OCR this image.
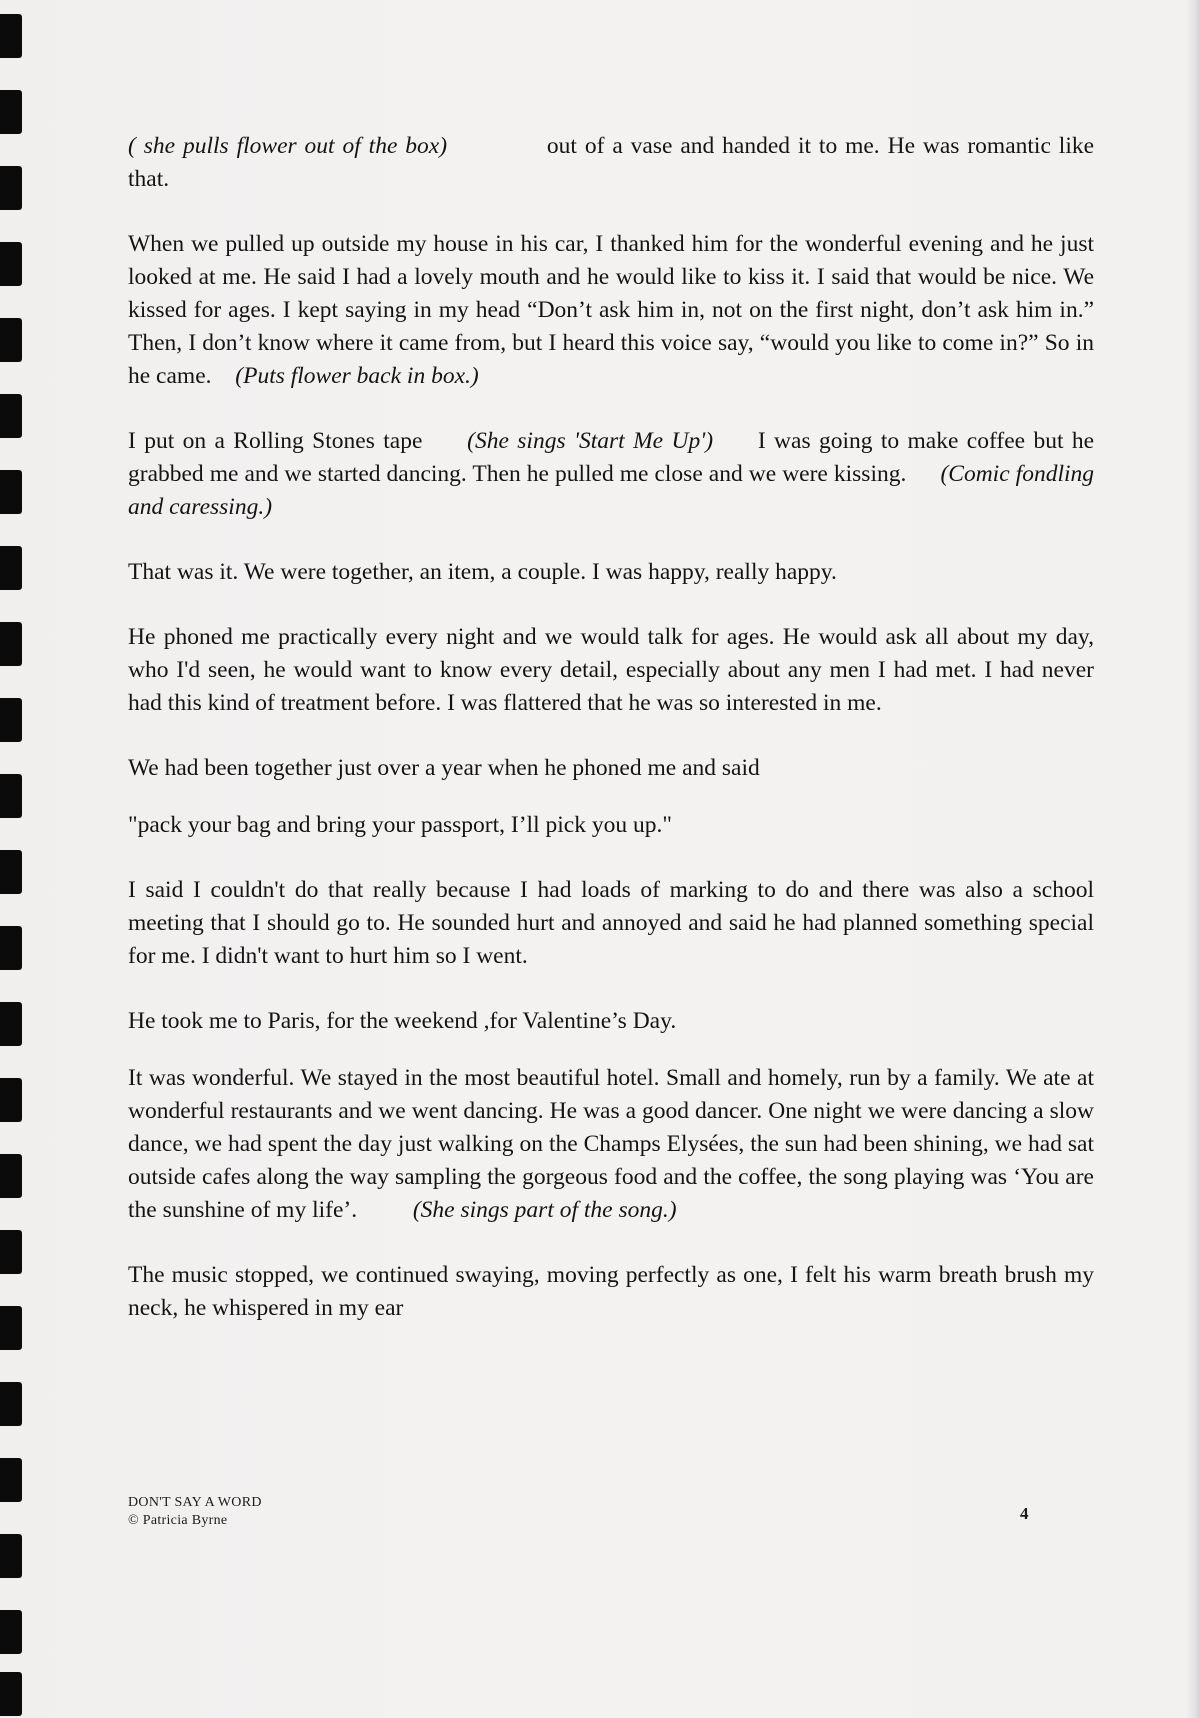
( she pulls flower out of the box)	out of a vase and handed it to me. He was romantic like that.

When we pulled up outside my house in his car, I thanked him for the wonderful evening and he just looked at me. He said I had a lovely mouth and he would like to kiss it. I said that would be nice. We kissed for ages. I kept saying in my head “Don’t ask him in, not on the first night, don’t ask him in.” Then, I don’t know where it came from, but I heard this voice say, “would you like to come in?” So in he came. (Puts flower back in box.)

I put on a Rolling Stones tape (She sings 'Start Me Up') I was going to make coffee but he grabbed me and we started dancing. Then he pulled me close and we were kissing. (Comic fondling and caressing.)

That was it. We were together, an item, a couple. I was happy, really happy.

He phoned me practically every night and we would talk for ages. He would ask all about my day, who I'd seen, he would want to know every detail, especially about any men I had met. I had never had this kind of treatment before. I was flattered that he was so interested in me.

We had been together just over a year when he phoned me and said

"pack your bag and bring your passport, I’ll pick you up."

I said I couldn't do that really because I had loads of marking to do and there was also a school meeting that I should go to. He sounded hurt and annoyed and said he had planned something special for me. I didn't want to hurt him so I went.

He took me to Paris, for the weekend ,for Valentine’s Day.

It was wonderful. We stayed in the most beautiful hotel. Small and homely, run by a family. We ate at wonderful restaurants and we went dancing. He was a good dancer. One night we were dancing a slow dance, we had spent the day just walking on the Champs Elysées, the sun had been shining, we had sat outside cafes along the way sampling the gorgeous food and the coffee, the song playing was ‘You are the sunshine of my life’. (She sings part of the song.)

The music stopped, we continued swaying, moving perfectly as one, I felt his warm breath brush my neck, he whispered in my ear

DON'T SAY A WORD
© Patricia Byrne	4
